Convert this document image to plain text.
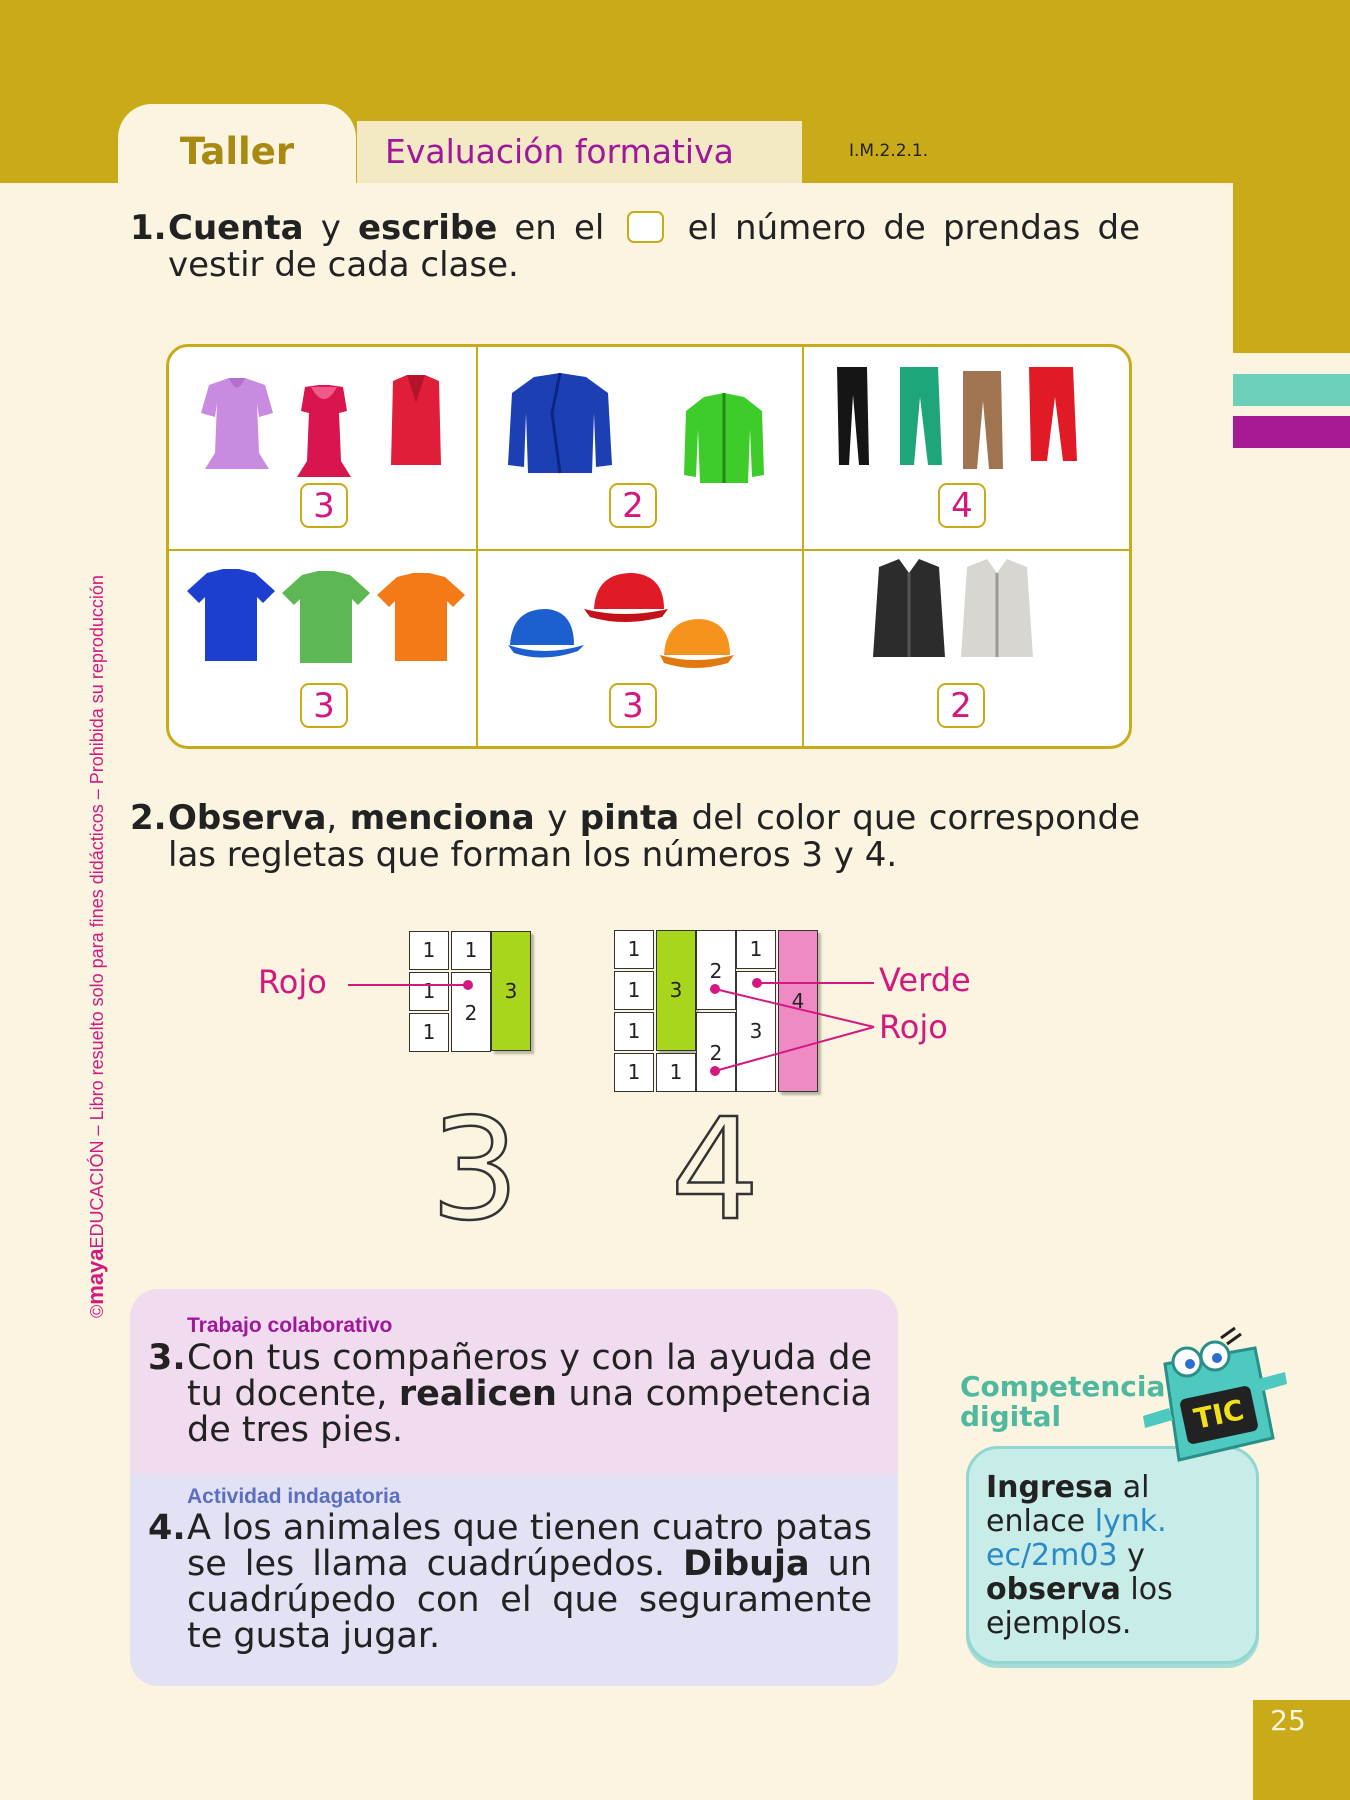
Taller	Evaluación formativa	I.M.2.2.1.
©mayaEDUCACIÓN – Libro resuelto solo para fines didácticos – Prohibida su reproducción
1. Cuenta y escribe en el  el número de prendas de
vestir de cada clase.
3	2	4
3	3	2
2. Observa, menciona y pinta del color que corresponde
las regletas que forman los números 3 y 4.
1	1
1
1
2
3
1
1
1
1
3
1
2
2
1
3
4
Rojo	Verde
Rojo
3 4
Trabajo colaborativo
3. Con tus compañeros y con la ayuda de
tu docente, realicen una competencia
de tres pies.
Actividad indagatoria
4. A los animales que tienen cuatro patas
se les llama cuadrúpedos. Dibuja un
cuadrúpedo con el que seguramente
te gusta jugar.
Competencia
digital
Ingresa al enlace lynk. ec/2m03 y observa los ejemplos.
TIC
25
